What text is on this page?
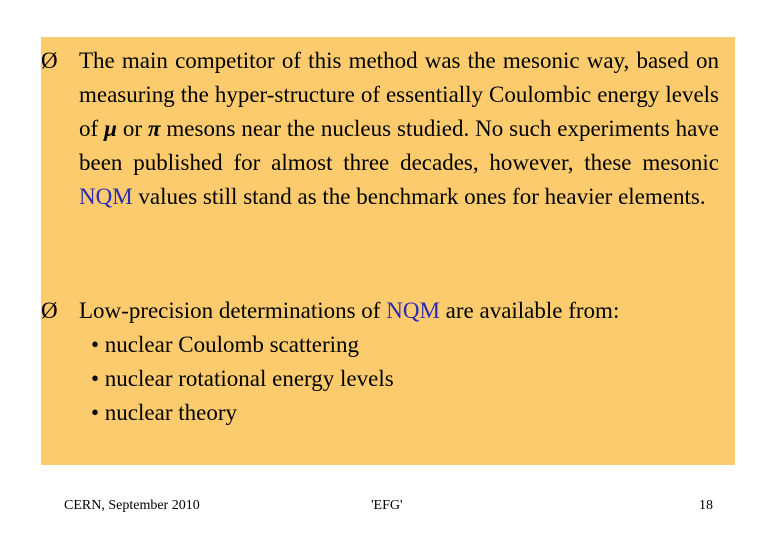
Ø The main competitor of this method was the mesonic way, based on measuring the hyper-structure of essentially Coulombic energy levels of μ or π mesons near the nucleus studied. No such experiments have been published for almost three decades, however, these mesonic NQM values still stand as the benchmark ones for heavier elements.
Ø Low-precision determinations of NQM are available from:
• nuclear Coulomb scattering
• nuclear rotational energy levels
• nuclear theory
CERN, September 2010	'EFG'	18
